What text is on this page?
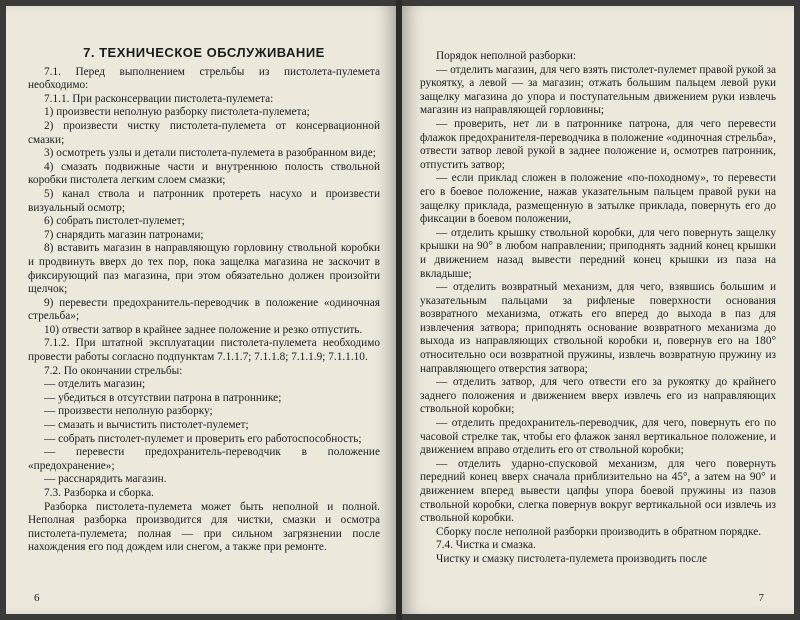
7. ТЕХНИЧЕСКОЕ ОБСЛУЖИВАНИЕ

7.1. Перед выполнением стрельбы из пистолета-пулемета необходимо:

7.1.1. При расконсервации пистолета-пулемета:

1) произвести неполную разборку пистолета-пулемета;

2) произвести чистку пистолета-пулемета от консервационной смазки;

3) осмотреть узлы и детали пистолета-пулемета в разобранном виде;

4) смазать подвижные части и внутреннюю полость ствольной коробки пистолета легким слоем смазки;

5) канал ствола и патронник протереть насухо и произвести визуальный осмотр;

6) собрать пистолет-пулемет;

7) снарядить магазин патронами;

8) вставить магазин в направляющую горловину ствольной коробки и продвинуть вверх до тех пор, пока защелка магазина не заскочит в фиксирующий паз магазина, при этом обязательно должен произойти щелчок;

9) перевести предохранитель-переводчик в положение «одиночная стрельба»;

10) отвести затвор в крайнее заднее положение и резко отпустить.

7.1.2. При штатной эксплуатации пистолета-пулемета необходимо провести работы согласно подпунктам 7.1.1.7; 7.1.1.8; 7.1.1.9; 7.1.1.10.

7.2. По окончании стрельбы:

— отделить магазин;

— убедиться в отсутствии патрона в патроннике;

— произвести неполную разборку;

— смазать и вычистить пистолет-пулемет;

— собрать пистолет-пулемет и проверить его работоспособность;

— перевести предохранитель-переводчик в положение «предохранение»;

— расснарядить магазин.

7.3. Разборка и сборка.

Разборка пистолета-пулемета может быть неполной и полной. Неполная разборка производится для чистки, смазки и осмотра пистолета-пулемета; полная — при сильном загрязнении после нахождения его под дождем или снегом, а также при ремонте.

6

Порядок неполной разборки:

— отделить магазин, для чего взять пистолет-пулемет правой рукой за рукоятку, а левой — за магазин; отжать большим пальцем левой руки защелку магазина до упора и поступательным движением руки извлечь магазин из направляющей горловины;

— проверить, нет ли в патроннике патрона, для чего перевести флажок предохранителя-переводчика в положение «одиночная стрельба», отвести затвор левой рукой в заднее положение и, осмотрев патронник, отпустить затвор;

— если приклад сложен в положение «по-походному», то перевести его в боевое положение, нажав указательным пальцем правой руки на защелку приклада, размещенную в затылке приклада, повернуть его до фиксации в боевом положении,

— отделить крышку ствольной коробки, для чего повернуть защелку крышки на 90° в любом направлении; приподнять задний конец крышки и движением назад вывести передний конец крышки из паза на вкладыше;

— отделить возвратный механизм, для чего, взявшись большим и указательным пальцами за рифленые поверхности основания возвратного механизма, отжать его вперед до выхода в паз для извлечения затвора; приподнять основание возвратного механизма до выхода из направляющих ствольной коробки и, повернув его на 180° относительно оси возвратной пружины, извлечь возвратную пружину из направляющего отверстия затвора;

— отделить затвор, для чего отвести его за рукоятку до крайнего заднего положения и движением вверх извлечь его из направляющих ствольной коробки;

— отделить предохранитель-переводчик, для чего, повернуть его по часовой стрелке так, чтобы его флажок занял вертикальное положение, и движением вправо отделить его от ствольной коробки;

— отделить ударно-спусковой механизм, для чего повернуть передний конец вверх сначала приблизительно на 45°, а затем на 90° и движением вперед вывести цапфы упора боевой пружины из пазов ствольной коробки, слегка повернув вокруг вертикальной оси извлечь из ствольной коробки.

Сборку после неполной разборки производить в обратном порядке.

7.4. Чистка и смазка.

Чистку и смазку пистолета-пулемета производить после

7
